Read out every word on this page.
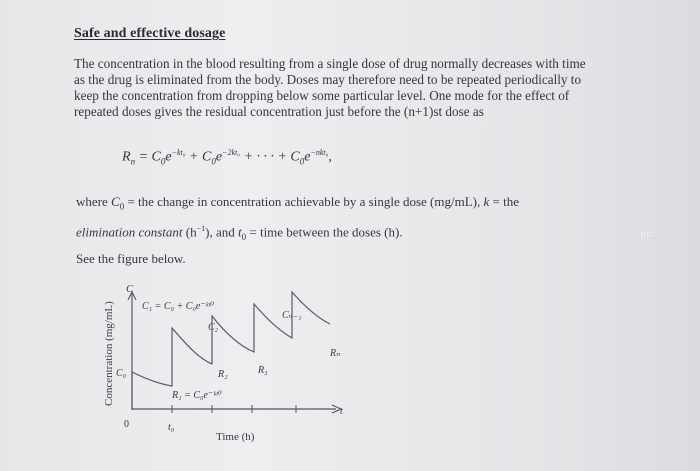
Safe and effective dosage
The concentration in the blood resulting from a single dose of drug normally decreases with time
as the drug is eliminated from the body. Doses may therefore need to be repeated periodically to
keep the concentration from dropping below some particular level. One mode for the effect of
repeated doses gives the residual concentration just before the (n+1)st dose as
$R_n = C_0e^{-kt_0} + C_0e^{-2kt_0}$ + · · · + $C_0e^{-nkt_0}$,
where $C_0$ = the change in concentration achievable by a single dose (mg/mL), k = the
elimination constant $(h^{-1})$, and $t_0$ = time between the doses (h).
See the figure below.
9F
C
t
Concentration (mg/mL)
Time (h)
0	t₀
C₀
C₁ = C₀ + C₀e⁻ᵏᵗ⁰
C₂
Cₙ₋₁
R₁ = C₀e⁻ᵏᵗ⁰
R₂	R₃
Rₙ
